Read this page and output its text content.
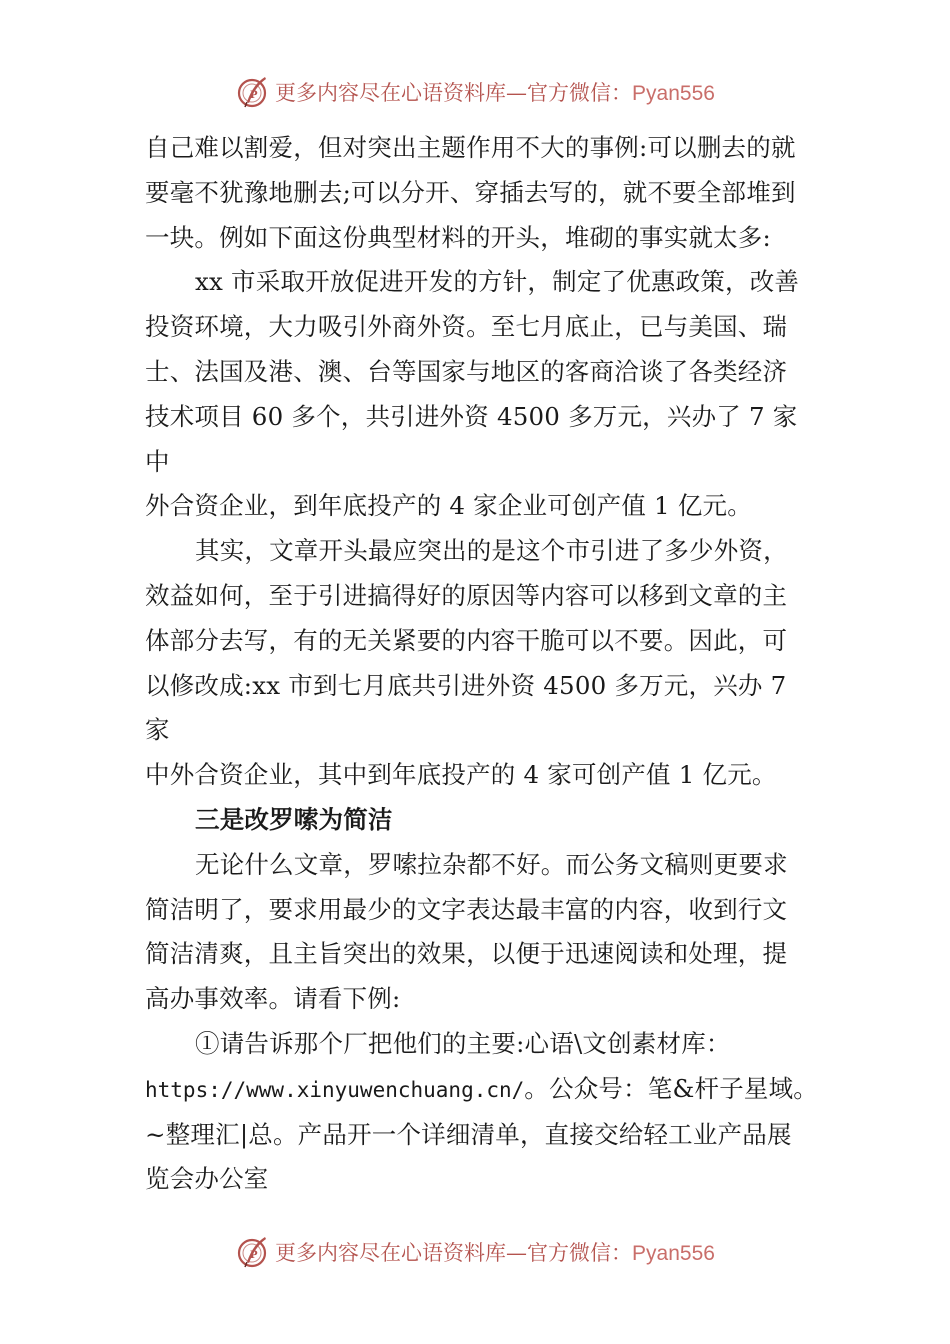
P 更多内容尽在心语资料库—官方微信：Pyan556

自己难以割爱，但对突出主题作用不大的事例:可以删去的就

要毫不犹豫地删去;可以分开、穿插去写的，就不要全部堆到

一块。例如下面这份典型材料的开头，堆砌的事实就太多:

xx 市采取开放促进开发的方针，制定了优惠政策，改善

投资环境，大力吸引外商外资。至七月底止，已与美国、瑞

士、法国及港、澳、台等国家与地区的客商洽谈了各类经济

技术项目 60 多个，共引进外资 4500 多万元，兴办了 7 家

中

外合资企业，到年底投产的 4 家企业可创产值 1 亿元。

其实，文章开头最应突出的是这个市引进了多少外资，

效益如何，至于引进搞得好的原因等内容可以移到文章的主

体部分去写，有的无关紧要的内容干脆可以不要。因此，可

以修改成:xx 市到七月底共引进外资 4500 多万元，兴办 7

家

中外合资企业，其中到年底投产的 4 家可创产值 1 亿元。

三是改罗嗦为简洁

无论什么文章，罗嗦拉杂都不好。而公务文稿则更要求

简洁明了，要求用最少的文字表达最丰富的内容，收到行文

简洁清爽，且主旨突出的效果，以便于迅速阅读和处理，提

高办事效率。请看下例:

①请告诉那个厂把他们的主要:心语\文创素材库：

https://www.xinyuwenchuang.cn/。公众号：笔&杆子星域。

~整理汇|总。产品开一个详细清单，直接交给轻工业产品展

览会办公室

P 更多内容尽在心语资料库—官方微信：Pyan556
